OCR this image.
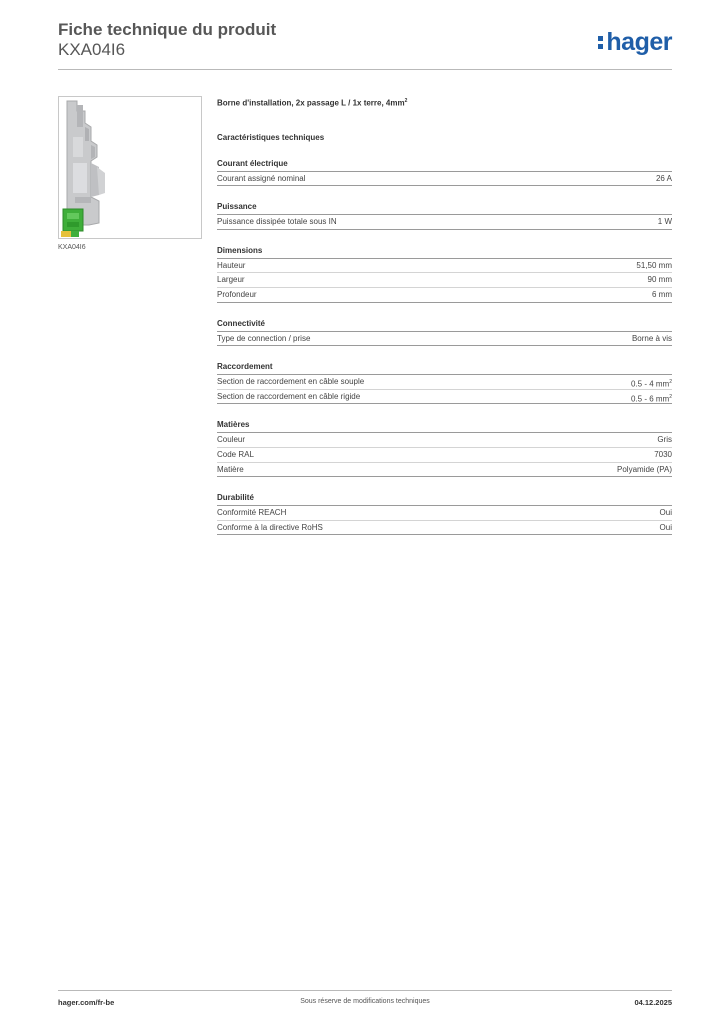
Fiche technique du produit
KXA04I6	hager
KXA04I6
Borne d'installation, 2x passage L / 1x terre, $4mm^2$
Caractéristiques techniques
Courant électrique
Courant assigné nominal	26 A
Puissance
Puissance dissipée totale sous IN	1 W
Dimensions
Hauteur	51,50 mm
Largeur	90 mm
Profondeur	6 mm
Connectivité
Type de connection / prise	Borne à vis
Raccordement
Section de raccordement en câble souple	0.5 - 4 $mm^2$
Section de raccordement en câble rigide	0.5 - 6 $mm^2$
Matières
Couleur	Gris
Code RAL	7030
Matière	Polyamide (PA)
Durabilité
Conformité REACH	Oui
Conforme à la directive RoHS	Oui
hager.com/fr-be	Sous réserve de modifications techniques	04.12.2025
